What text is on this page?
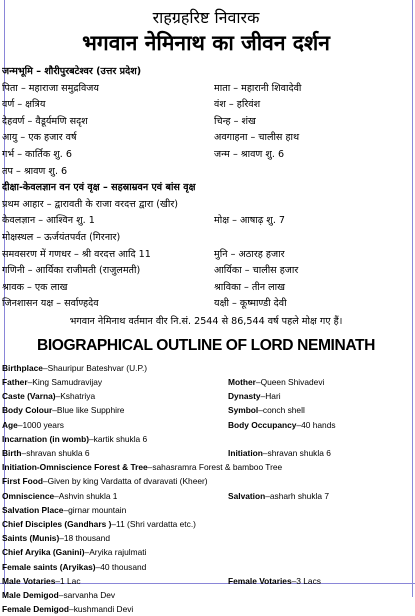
राहग्रहरिष्ट निवारक
भगवान नेमिनाथ का जीवन दर्शन
जन्मभूमि – शौरीपुरबटेश्वर (उत्तर प्रदेश)
पिता – महाराजा समुद्रविजय	माता – महारानी शिवादेवी
वर्ण – क्षत्रिय	वंश – हरिवंश
देहवर्ण – वैडूर्यमणि सदृश	चिन्ह – शंख
आयु – एक हजार वर्ष	अवगाहना – चालीस हाथ
गर्भ – कार्तिक शु. 6	जन्म – श्रावण शु. 6
तप – श्रावण शु. 6
दीक्षा-केवलज्ञान वन एवं वृक्ष – सहस्राम्रवन एवं बांस वृक्ष
प्रथम आहार – द्वारावती के राजा वरदत्त द्वारा (खीर)
केवलज्ञान – आश्विन शु. 1	मोक्ष – आषाढ़ शु. 7
मोक्षस्थल – ऊर्जयंतपर्वत (गिरनार)
समवसरण में गणधर – श्री वरदत्त आदि 11	मुनि – अठारह हजार
गणिनी – आर्यिका राजीमती (राजुलमती)	आर्यिका – चालीस हजार
श्रावक – एक लाख	श्राविका – तीन लाख
जिनशासन यक्ष – सर्वाण्हदेव	यक्षी – कूष्माण्डी देवी
भगवान नेमिनाथ वर्तमान वीर नि.सं. 2544 से 86,544 वर्ष पहले मोक्ष गए हैं।
BIOGRAPHICAL OUTLINE OF LORD NEMINATH
Birthplace–Shauripur Bateshvar (U.P.)
Father–King Samudravijay	Mother–Queen Shivadevi
Caste (Varna)–Kshatriya	Dynasty–Hari
Body Colour–Blue like Supphire	Symbol–conch shell
Age–1000 years	Body Occupancy–40 hands
Incarnation (in womb)–kartik shukla 6
Birth–shravan shukla 6	Initiation–shravan shukla 6
Initiation-Omniscience Forest & Tree–sahasramra Forest & bamboo Tree
First Food–Given by king Vardatta of dvaravati (Kheer)
Omniscience–Ashvin shukla 1	Salvation–asharh shukla 7
Salvation Place–girnar mountain
Chief Disciples (Gandhars )–11 (Shri vardatta etc.)
Saints (Munis)–18 thousand
Chief Aryika (Ganini)–Aryika rajulmati
Female saints (Aryikas)–40 thousand
Male Votaries–1 Lac	Female Votaries–3 Lacs
Male Demigod–sarvanha Dev
Female Demigod–kushmandi Devi
